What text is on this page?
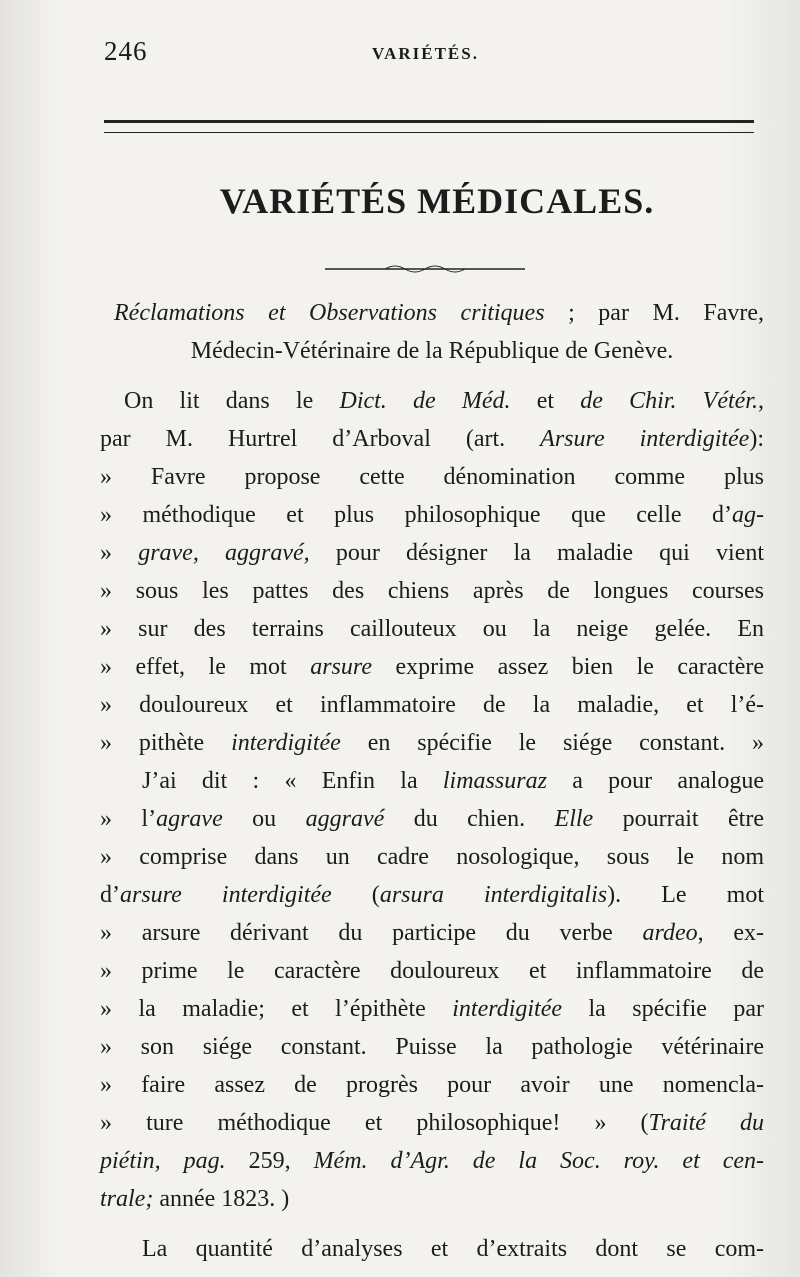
246	VARIÉTÉS.
VARIÉTÉS MÉDICALES.
Réclamations et Observations critiques ; par M. Favre,
Médecin-Vétérinaire de la République de Genève.
On lit dans le Dict. de Méd. et de Chir. Vétér.,
par M. Hurtrel d’Arboval (art. Arsure interdigitée):
» Favre propose cette dénomination comme plus
» méthodique et plus philosophique que celle d’ag-
» grave, aggravé, pour désigner la maladie qui vient
» sous les pattes des chiens après de longues courses
» sur des terrains caillouteux ou la neige gelée. En
» effet, le mot arsure exprime assez bien le caractère
» douloureux et inflammatoire de la maladie, et l’é-
» pithète interdigitée en spécifie le siége constant. »
J’ai dit : « Enfin la limassuraz a pour analogue
» l’agrave ou aggravé du chien. Elle pourrait être
» comprise dans un cadre nosologique, sous le nom
d’arsure interdigitée (arsura interdigitalis). Le mot
» arsure dérivant du participe du verbe ardeo, ex-
» prime le caractère douloureux et inflammatoire de
» la maladie; et l’épithète interdigitée la spécifie par
» son siége constant. Puisse la pathologie vétérinaire
» faire assez de progrès pour avoir une nomencla-
» ture méthodique et philosophique! » (Traité du
piétin, pag. 259, Mém. d’Agr. de la Soc. roy. et cen-
trale; année 1823. )
La quantité d’analyses et d’extraits dont se com-
